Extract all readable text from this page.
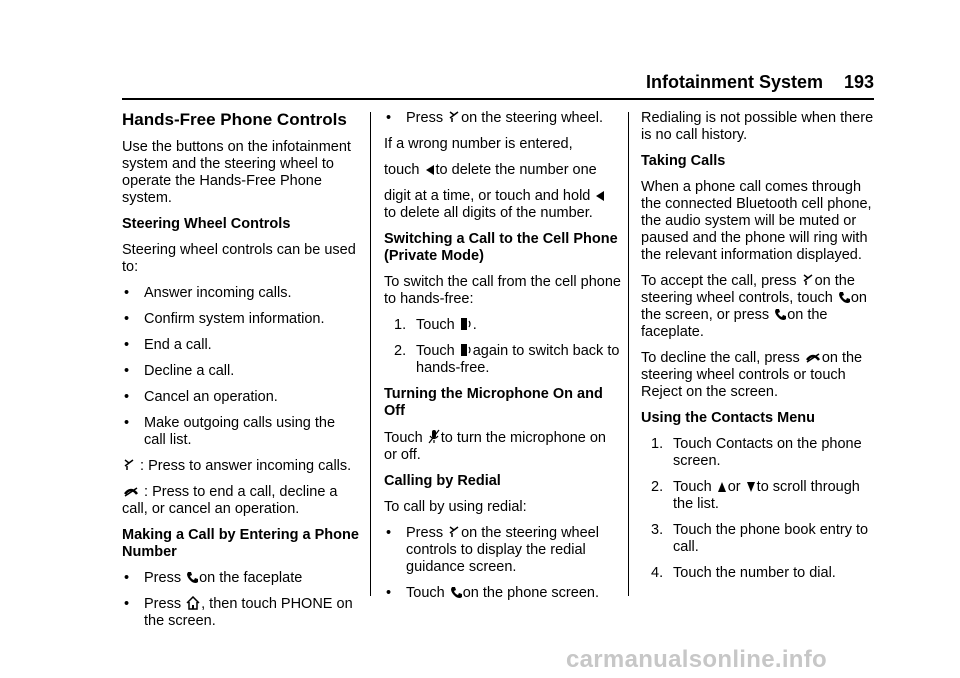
Infotainment System 193
Hands-Free Phone Controls

Use the buttons on the infotainment system and the steering wheel to operate the Hands-Free Phone system.

Steering Wheel Controls

Steering wheel controls can be used to:

• Answer incoming calls.
• Confirm system information.
• End a call.
• Decline a call.
• Cancel an operation.
• Make outgoing calls using the call list.

: Press to answer incoming calls.

: Press to end a call, decline a call, or cancel an operation.

Making a Call by Entering a Phone Number

• Press on the faceplate
• Press , then touch PHONE on the screen.
• Press on the steering wheel.

If a wrong number is entered,

touch to delete the number one

digit at a time, or touch and hold
to delete all digits of the number.

Switching a Call to the Cell Phone (Private Mode)

To switch the call from the cell phone to hands-free:

1. Touch .
2. Touch again to switch back to hands-free.

Turning the Microphone On and Off

Touch to turn the microphone on or off.

Calling by Redial

To call by using redial:

• Press on the steering wheel controls to display the redial guidance screen.
• Touch on the phone screen.

Redialing is not possible when there is no call history.

Taking Calls

When a phone call comes through the connected Bluetooth cell phone, the audio system will be muted or paused and the phone will ring with the relevant information displayed.

To accept the call, press on the
steering wheel controls, touch on
the screen, or press on the
faceplate.

To decline the call, press on the steering wheel controls or touch Reject on the screen.

Using the Contacts Menu

1. Touch Contacts on the phone screen.
2. Touch or to scroll through the list.
3. Touch the phone book entry to call.
4. Touch the number to dial.
carmanualsonline.info
